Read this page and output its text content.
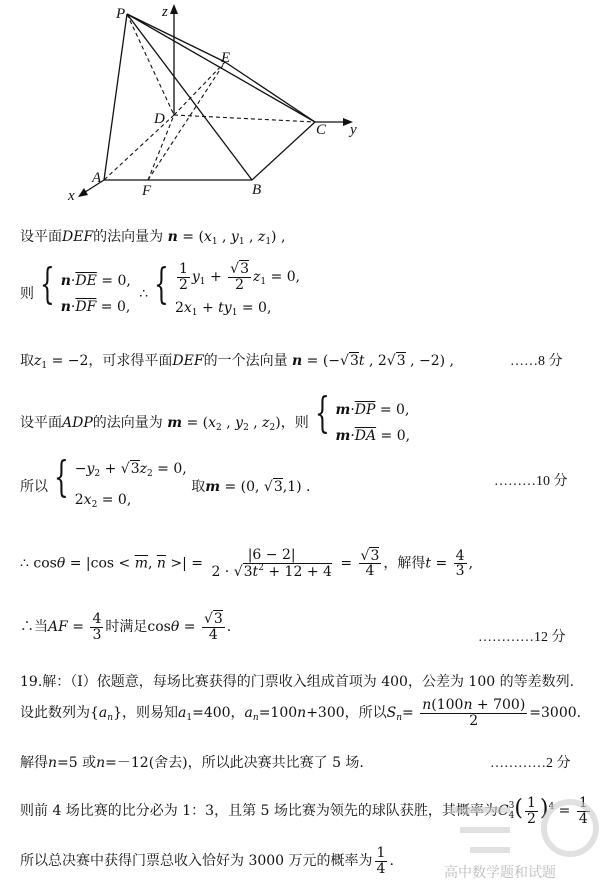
P z
E
D
C y
A
F	B
x
设平面DEF的法向量为 $n = (x_1$ , $y_1$ , $z_1$) ,
则 { $n\cdot\overline{DE} = 0$,
$n\cdot\overline{DF} = 0$,
∴ { $\frac{1}{2} y_1 + \frac{√3}{2} z_1 = 0$,
$2x_1 + ty_1 = 0$,
取$z_1 = -2$，可求得平面DEF的一个法向量 n = (−√3t , 2√3 , −2) ,	……8 分
设平面ADP的法向量为 $m = (x_2$ , $y_2$ , $z_2$)，则 { $m\cdot\overline{DP} = 0$,
$m\cdot\overline{DA} = 0$,
所以 { $-y_2 + √3z_2 = 0$,
$2x_2 = 0$,
取m = (0, √3,1) .	………10 分
∴ $\cos\theta = |\cos < \overline{m}$, $\overline{n}$ >| = $\frac{|6 - 2|}{2 \cdot √3t^2 + 12 + 4} = \frac{√3}{4}$ ，解得$t = \frac{4}{3}$ ,
∴当AF = $\frac{4}{3}$ 时满足$\cos\theta = \frac{√3}{4}$ .
…………12 分
19.解：（Ⅰ）依题意，每场比赛获得的门票收入组成首项为 400，公差为 100 的等差数列.
设此数列为$\{a_n\}$，则易知$a_1=400$，$a_n=100n+300$，所以$S_n= \frac{n(100n + 700)}{2} =3000$.
解得n=5 或n=－12(舍去)，所以此决赛共比赛了 5 场.	…………2 分
则前 4 场比赛的比分必为 1：3，且第 5 场比赛为领先的球队获胜，其概率为C 3
4 ( $\frac{1}{2} )^4 = \frac{1}{4}$
所以总决赛中获得门票总收入恰好为 3000 万元的概率为 $\frac{1}{4}$ .
高中数学题和试题
